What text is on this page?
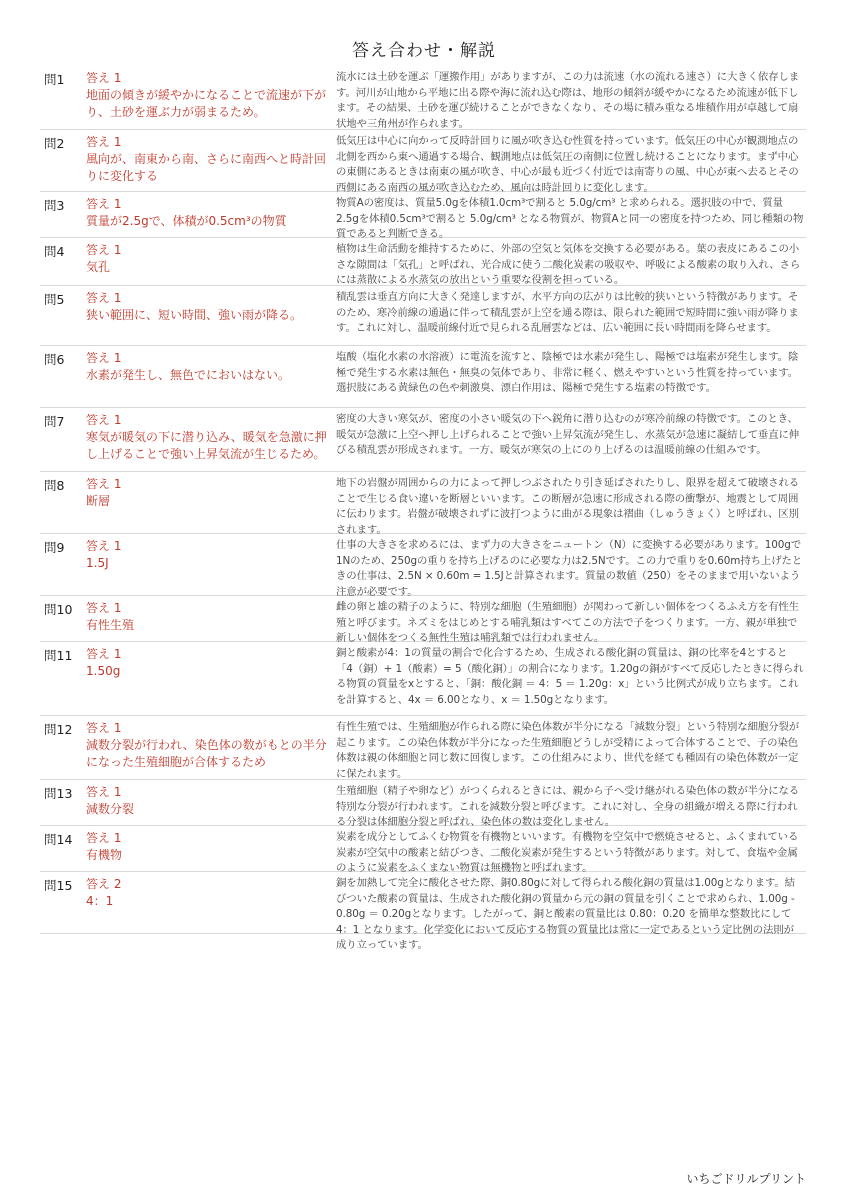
答え合わせ・解説
問1	答え 1
地面の傾きが緩やかになることで流速が下がり、土砂を運ぶ力が弱まるため。
流水には土砂を運ぶ「運搬作用」がありますが、この力は流速（水の流れる速さ）に大きく依存します。河川が山地から平地に出る際や海に流れ込む際は、地形の傾斜が緩やかになるため流速が低下します。その結果、土砂を運び続けることができなくなり、その場に積み重なる堆積作用が卓越して扇状地や三角州が作られます。
問2	答え 1
風向が、南東から南、さらに南西へと時計回りに変化する
低気圧は中心に向かって反時計回りに風が吹き込む性質を持っています。低気圧の中心が観測地点の北側を西から東へ通過する場合、観測地点は低気圧の南側に位置し続けることになります。まず中心の東側にあるときは南東の風が吹き、中心が最も近づく付近では南寄りの風、中心が東へ去るとその西側にある南西の風が吹き込むため、風向は時計回りに変化します。
問3	答え 1
質量が2.5gで、体積が0.5cm³の物質
物質Aの密度は、質量5.0gを体積1.0cm³で割ると 5.0g/cm³ と求められる。選択肢の中で、質量2.5gを体積0.5cm³で割ると 5.0g/cm³ となる物質が、物質Aと同一の密度を持つため、同じ種類の物質であると判断できる。
問4	答え 1
気孔
植物は生命活動を維持するために、外部の空気と気体を交換する必要がある。葉の表皮にあるこの小さな隙間は「気孔」と呼ばれ、光合成に使う二酸化炭素の吸収や、呼吸による酸素の取り入れ、さらには蒸散による水蒸気の放出という重要な役割を担っている。
問5	答え 1
狭い範囲に、短い時間、強い雨が降る。
積乱雲は垂直方向に大きく発達しますが、水平方向の広がりは比較的狭いという特徴があります。そのため、寒冷前線の通過に伴って積乱雲が上空を通る際は、限られた範囲で短時間に強い雨が降ります。これに対し、温暖前線付近で見られる乱層雲などは、広い範囲に長い時間雨を降らせます。
問6	答え 1
水素が発生し、無色でにおいはない。
塩酸（塩化水素の水溶液）に電流を流すと、陰極では水素が発生し、陽極では塩素が発生します。陰極で発生する水素は無色・無臭の気体であり、非常に軽く、燃えやすいという性質を持っています。選択肢にある黄緑色の色や刺激臭、漂白作用は、陽極で発生する塩素の特徴です。
問7	答え 1
寒気が暖気の下に潜り込み、暖気を急激に押し上げることで強い上昇気流が生じるため。
密度の大きい寒気が、密度の小さい暖気の下へ鋭角に潜り込むのが寒冷前線の特徴です。このとき、暖気が急激に上空へ押し上げられることで強い上昇気流が発生し、水蒸気が急速に凝結して垂直に伸びる積乱雲が形成されます。一方、暖気が寒気の上にのり上げるのは温暖前線の仕組みです。
問8	答え 1
断層
地下の岩盤が周囲からの力によって押しつぶされたり引き延ばされたりし、限界を超えて破壊されることで生じる食い違いを断層といいます。この断層が急速に形成される際の衝撃が、地震として周囲に伝わります。岩盤が破壊されずに波打つように曲がる現象は褶曲（しゅうきょく）と呼ばれ、区別されます。
問9	答え 1
1.5J
仕事の大きさを求めるには、まず力の大きさをニュートン（N）に変換する必要があります。100gで1Nのため、250gの重りを持ち上げるのに必要な力は2.5Nです。この力で重りを0.60m持ち上げたときの仕事は、2.5N × 0.60m = 1.5Jと計算されます。質量の数値（250）をそのままで用いないよう注意が必要です。
問10	答え 1
有性生殖
雌の卵と雄の精子のように、特別な細胞（生殖細胞）が関わって新しい個体をつくるふえ方を有性生殖と呼びます。ネズミをはじめとする哺乳類はすべてこの方法で子をつくります。一方、親が単独で新しい個体をつくる無性生殖は哺乳類では行われません。
問11	答え 1
1.50g
銅と酸素が4：1の質量の割合で化合するため、生成される酸化銅の質量は、銅の比率を4とすると「4（銅）+ 1（酸素）= 5（酸化銅）」の割合になります。1.20gの銅がすべて反応したときに得られる物質の質量をxとすると、「銅：酸化銅 ＝ 4：5 ＝ 1.20g：x」という比例式が成り立ちます。これを計算すると、4x ＝ 6.00となり、x ＝ 1.50gとなります。
問12	答え 1
減数分裂が行われ、染色体の数がもとの半分になった生殖細胞が合体するため
有性生殖では、生殖細胞が作られる際に染色体数が半分になる「減数分裂」という特別な細胞分裂が起こります。この染色体数が半分になった生殖細胞どうしが受精によって合体することで、子の染色体数は親の体細胞と同じ数に回復します。この仕組みにより、世代を経ても種固有の染色体数が一定に保たれます。
問13	答え 1
減数分裂
生殖細胞（精子や卵など）がつくられるときには、親から子へ受け継がれる染色体の数が半分になる特別な分裂が行われます。これを減数分裂と呼びます。これに対し、全身の組織が増える際に行われる分裂は体細胞分裂と呼ばれ、染色体の数は変化しません。
問14	答え 1
有機物
炭素を成分としてふくむ物質を有機物といいます。有機物を空気中で燃焼させると、ふくまれている炭素が空気中の酸素と結びつき、二酸化炭素が発生するという特徴があります。対して、食塩や金属のように炭素をふくまない物質は無機物と呼ばれます。
問15	答え 2
4：1
銅を加熱して完全に酸化させた際、銅0.80gに対して得られる酸化銅の質量は1.00gとなります。結びついた酸素の質量は、生成された酸化銅の質量から元の銅の質量を引くことで求められ、1.00g - 0.80g ＝ 0.20gとなります。したがって、銅と酸素の質量比は 0.80：0.20 を簡単な整数比にして 4：1 となります。化学変化において反応する物質の質量比は常に一定であるという定比例の法則が成り立っています。
いちごドリルプリント
